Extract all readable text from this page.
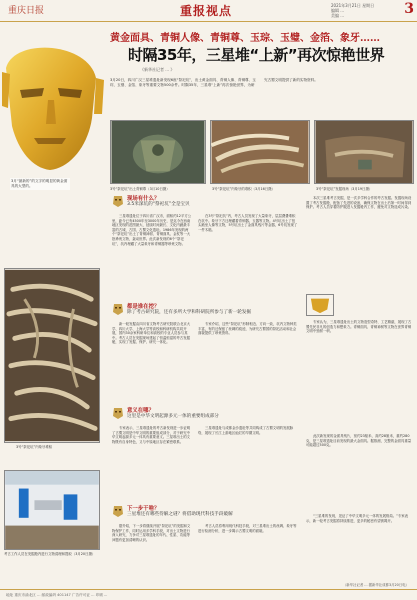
重庆日报	重报视点	2021年3月21日 星期日
编辑 ...
美编 ...	3
3月“最新的”的文字的明显的黄金面具的大型的。
黄金面具、青铜人像、青铜尊、玉琮、玉璧、金箔、象牙……
时隔35年，三星堆“上新”再次惊艳世界
《新华社记者 ... 》
3月20日，四川广汉三星堆遗址新发现6座“祭祀坑”，出土黄金面具、青铜人像、青铜尊、玉琮、玉璧、金箔、象牙等重要文物500余件。时隔35年，三星堆“上新”再次惊艳世界，为研究古蜀文明提供了新的实物资料。
3号“祭祀坑”出土青铜尊（3月10日摄）	3号“祭祀坑”内象牙的堆积（3月16日摄）	3号“祭祀坑”发掘现场（3月19日摄）
3号“祭祀坑”内象牙堆积
考古工作人员在发掘舱内进行文物清理和提取（3月20日摄）
现场有什么？
3.5米深坑的“祭祀坑”全是宝贝

三星堆遗址位于四川省广汉市，面积约12平方公里，距今已有4500年至3000年历史，是迄今在西南地区发现的范围最大、延续时间最长、文化内涵最丰富的古城、古国、古蜀文化遗址。1986年发现的两个“祭祀坑”出土了青铜神树、青铜面具、金杖等一大批珍贵文物，轰动世界。此次新发现的6个“祭祀坑”，坑内埋藏了大量象牙和青铜器等珍贵文物。

都是谁在挖？
除了考古研究院，还有多所大学和科研院所参与了新一轮发掘

新一轮发掘由四川省文物考古研究院联合北京大学、四川大学、上海大学等高校和科研机构共同开展，国内30余家科研单位和高校的专业人员参与其中。考古人员在发掘现场建起了恒温恒湿的考古发掘舱，实现了发掘、保护、研究一体化。

意义在哪？
这里是中华文明起源多元一体的重要组成部分

专家表示，三星堆遗址的考古新发现进一步证明了古蜀文明是中华文明的重要组成部分，对于研究中华文明起源多元一体具有重要意义。三星堆出土的文物既有自身特色，又与中原地区存在紧密联系。

下一步干啥？
三星堆还有哪些待解之谜？将借助现代科技手段破解

据介绍，下一步将继续开展“祭祀坑”的发掘和文物保护工作，同时运用多学科手段，对出土文物进行深入研究，力争对三星堆遗址的年代、性质、功能等问题有更加清晰的认识。

在3号“祭祀坑”内，考古人员发现了大量象牙，层层叠叠堆积在坑中。象牙下方还埋藏着青铜器、玉器等文物。4号坑出土了扭头跪坐人像等文物，5号坑出土了金面具残片等金器，6号坑发现了一件木箱。

专家介绍，这些“祭祀坑”形制相近、方向一致，坑内文物种类丰富，有的还保留了丝绸的痕迹，为研究古蜀国的祭祀活动和社会面貌提供了珍贵资料。

三星堆遗址与成都金沙遗址等共同构成了古蜀文明的发展脉络，展现了长江上游地区灿烂的早期文明。

考古人员将利用现代科技手段，对三星堆出土的丝绸、象牙等进行检测分析，进一步揭示古蜀文明的面貌。

本次三星堆考古发掘，是一次多学科合作的考古发掘。发掘现场设置了考古发掘舱，配备了先进的设备，确保文物在出土后第一时间得到保护。考古人员穿着防护服进入发掘舱内工作，避免对文物造成污染。

专家认为，三星堆遗址出土的文物造型奇特、工艺精湛，展现了古蜀先民非凡的创造力和想象力。青铜面具、青铜神树等文物在世界青铜文明中独树一帜。

此次新发现的金面具残片，宽约23厘米、高约28厘米，重约280克，是三星堆遗址目前发现的最大金面具。据推测，完整的金面具重量可能超过500克。

“三星堆的发现，见证了中华文明多元一体的发展格局。”专家表示，新一轮考古发掘将持续推进，更多的秘密有望被揭开。

（新华社记者 ... 据新华社成都3月20日电）
地址 重庆市渝北区 ... 邮政编码 401147 广告许可证 ... 印刷 ...
